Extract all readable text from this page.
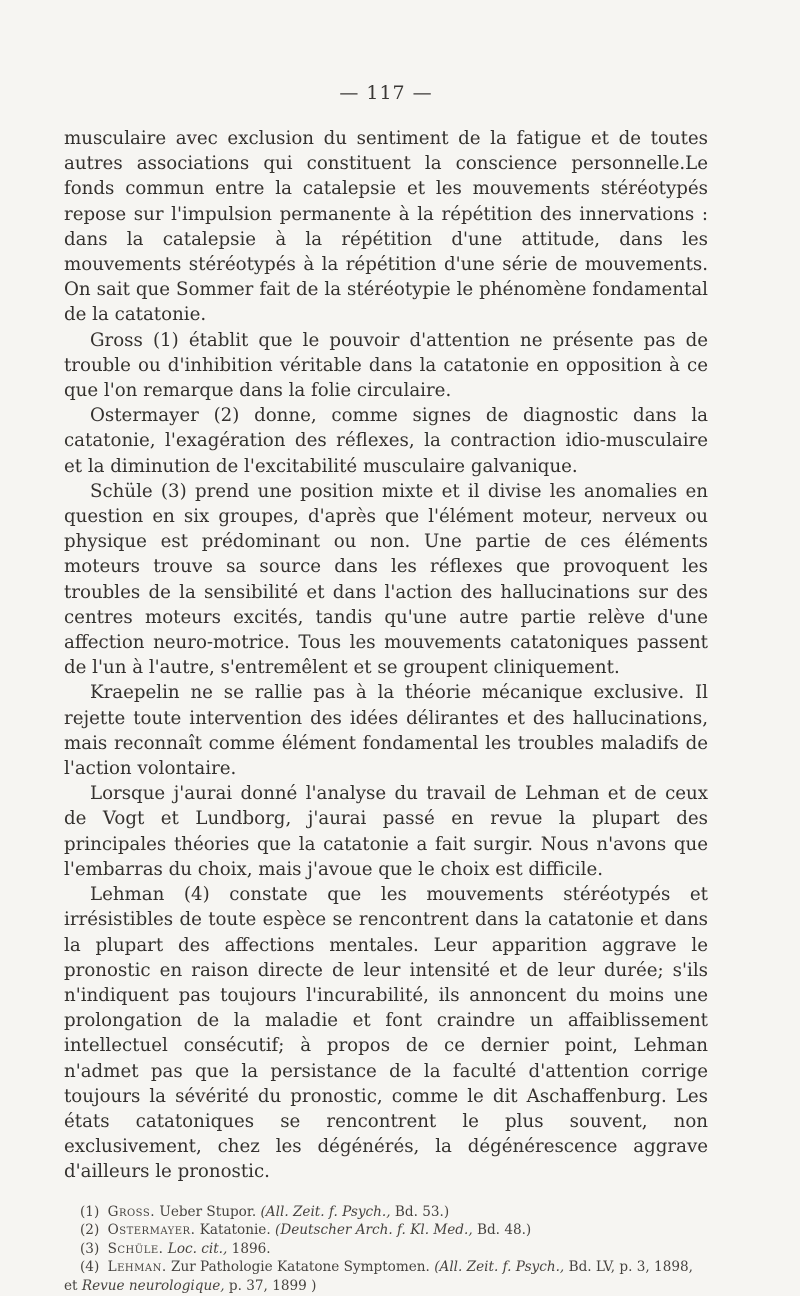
— 117 —

musculaire avec exclusion du sentiment de la fatigue et de toutes autres associations qui constituent la conscience personnelle.Le fonds commun entre la catalepsie et les mouvements stéréotypés repose sur l'impulsion permanente à la répétition des innervations : dans la catalepsie à la répétition d'une attitude, dans les mouvements stéréotypés à la répétition d'une série de mouvements. On sait que Sommer fait de la stéréotypie le phénomène fondamental de la catatonie.

Gross (1) établit que le pouvoir d'attention ne présente pas de trouble ou d'inhibition véritable dans la catatonie en opposition à ce que l'on remarque dans la folie circulaire.

Ostermayer (2) donne, comme signes de diagnostic dans la catatonie, l'exagération des réflexes, la contraction idio-musculaire et la diminution de l'excitabilité musculaire galvanique.

Schüle (3) prend une position mixte et il divise les anomalies en question en six groupes, d'après que l'élément moteur, nerveux ou physique est prédominant ou non. Une partie de ces éléments moteurs trouve sa source dans les réflexes que provoquent les troubles de la sensibilité et dans l'action des hallucinations sur des centres moteurs excités, tandis qu'une autre partie relève d'une affection neuro-motrice. Tous les mouvements catatoniques passent de l'un à l'autre, s'entremêlent et se groupent cliniquement.

Kraepelin ne se rallie pas à la théorie mécanique exclusive. Il rejette toute intervention des idées délirantes et des hallucinations, mais reconnaît comme élément fondamental les troubles maladifs de l'action volontaire.

Lorsque j'aurai donné l'analyse du travail de Lehman et de ceux de Vogt et Lundborg, j'aurai passé en revue la plupart des principales théories que la catatonie a fait surgir. Nous n'avons que l'embarras du choix, mais j'avoue que le choix est difficile.

Lehman (4) constate que les mouvements stéréotypés et irrésistibles de toute espèce se rencontrent dans la catatonie et dans la plupart des affections mentales. Leur apparition aggrave le pronostic en raison directe de leur intensité et de leur durée; s'ils n'indiquent pas toujours l'incurabilité, ils annoncent du moins une prolongation de la maladie et font craindre un affaiblissement intellectuel consécutif; à propos de ce dernier point, Lehman n'admet pas que la persistance de la faculté d'attention corrige toujours la sévérité du pronostic, comme le dit Aschaffenburg. Les états catatoniques se rencontrent le plus souvent, non exclusivement, chez les dégénérés, la dégénérescence aggrave d'ailleurs le pronostic.

(1) Gross. Ueber Stupor. (All. Zeit. f. Psych., Bd. 53.)

(2) Ostermayer. Katatonie. (Deutscher Arch. f. Kl. Med., Bd. 48.)

(3) Schüle. Loc. cit., 1896.

(4) Lehman. Zur Pathologie Katatone Symptomen. (All. Zeit. f. Psych., Bd. LV, p. 3, 1898, et Revue neurologique, p. 37, 1899 )
